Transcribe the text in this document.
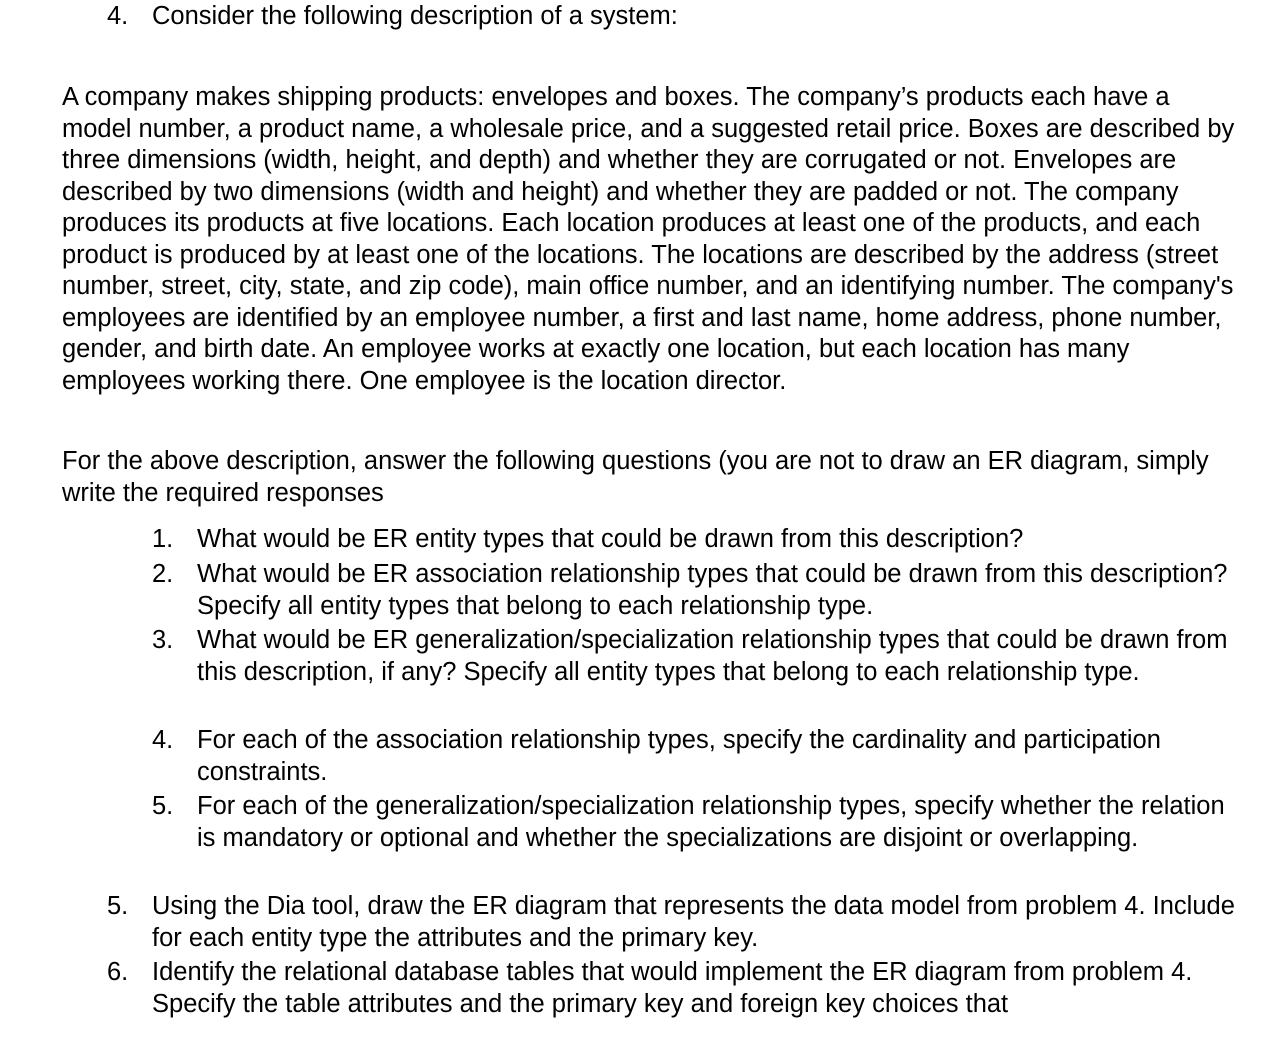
4. Consider the following description of a system:
A company makes shipping products: envelopes and boxes. The company’s products each have a model number, a product name, a wholesale price, and a suggested retail price. Boxes are described by three dimensions (width, height, and depth) and whether they are corrugated or not. Envelopes are described by two dimensions (width and height) and whether they are padded or not. The company produces its products at five locations. Each location produces at least one of the products, and each product is produced by at least one of the locations. The locations are described by the address (street number, street, city, state, and zip code), main office number, and an identifying number. The company's employees are identified by an employee number, a first and last name, home address, phone number, gender, and birth date. An employee works at exactly one location, but each location has many employees working there. One employee is the location director.
For the above description, answer the following questions (you are not to draw an ER diagram, simply write the required responses
1. What would be ER entity types that could be drawn from this description?
2. What would be ER association relationship types that could be drawn from this description? Specify all entity types that belong to each relationship type.
3. What would be ER generalization/specialization relationship types that could be drawn from this description, if any? Specify all entity types that belong to each relationship type.
4. For each of the association relationship types, specify the cardinality and participation constraints.
5. For each of the generalization/specialization relationship types, specify whether the relation is mandatory or optional and whether the specializations are disjoint or overlapping.
5. Using the Dia tool, draw the ER diagram that represents the data model from problem 4. Include for each entity type the attributes and the primary key.
6. Identify the relational database tables that would implement the ER diagram from problem 4. Specify the table attributes and the primary key and foreign key choices that
